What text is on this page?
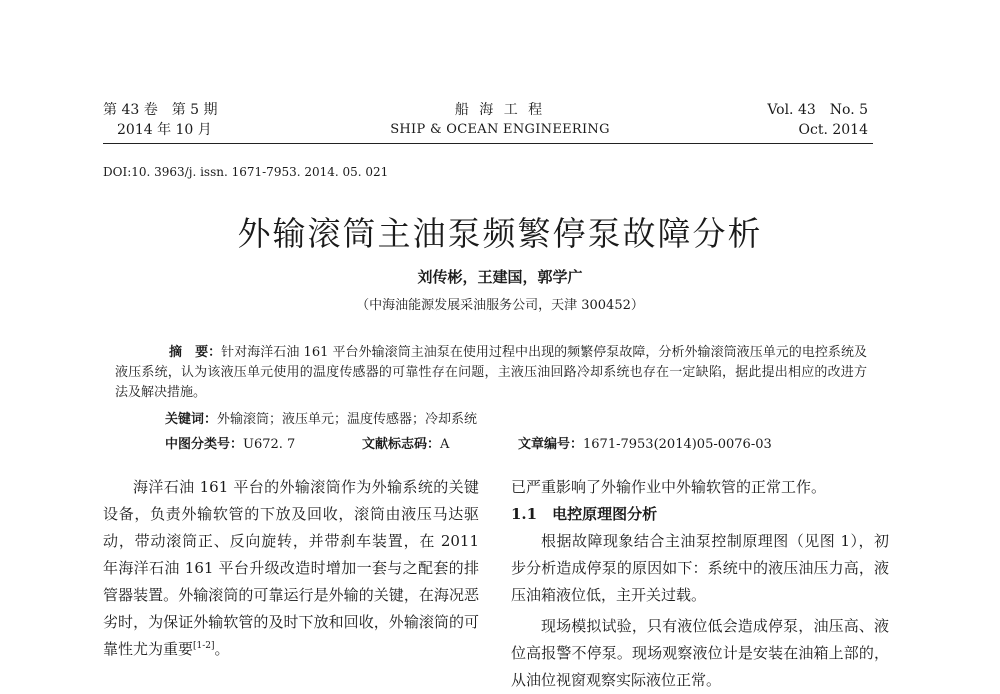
第 43 卷　第 5 期
2014 年 10 月
船 海 工 程
SHIP & OCEAN ENGINEERING
Vol. 43　No. 5
Oct. 2014
DOI:10. 3963/j. issn. 1671-7953. 2014. 05. 021
外输滚筒主油泵频繁停泵故障分析
刘传彬，王建国，郭学广
（中海油能源发展采油服务公司，天津 300452）
摘　要：针对海洋石油 161 平台外输滚筒主油泵在使用过程中出现的频繁停泵故障，分析外输滚筒液压单元的电控系统及液压系统，认为该液压单元使用的温度传感器的可靠性存在问题，主液压油回路冷却系统也存在一定缺陷，据此提出相应的改进方法及解决措施。
关键词：外输滚筒；液压单元；温度传感器；冷却系统
中图分类号：U672. 7	文献标志码：A	文章编号：1671-7953(2014)05-0076-03

海洋石油 161 平台的外输滚筒作为外输系统的关键设备，负责外输软管的下放及回收，滚筒由液压马达驱动，带动滚筒正、反向旋转，并带刹车装置，在 2011 年海洋石油 161 平台升级改造时增加一套与之配套的排管器装置。外输滚筒的可靠运行是外输的关键，在海况恶劣时，为保证外输软管的及时下放和回收，外输滚筒的可靠性尤为重要[1-2]。

已严重影响了外输作业中外输软管的正常工作。

1.1　 电控原理图分析

根据故障现象结合主油泵控制原理图（见图 1），初步分析造成停泵的原因如下：系统中的液压油压力高，液压油箱液位低，主开关过载。

现场模拟试验，只有液位低会造成停泵，油压高、液位高报警不停泵。现场观察液位计是安装在油箱上部的，从油位视窗观察实际液位正常。
